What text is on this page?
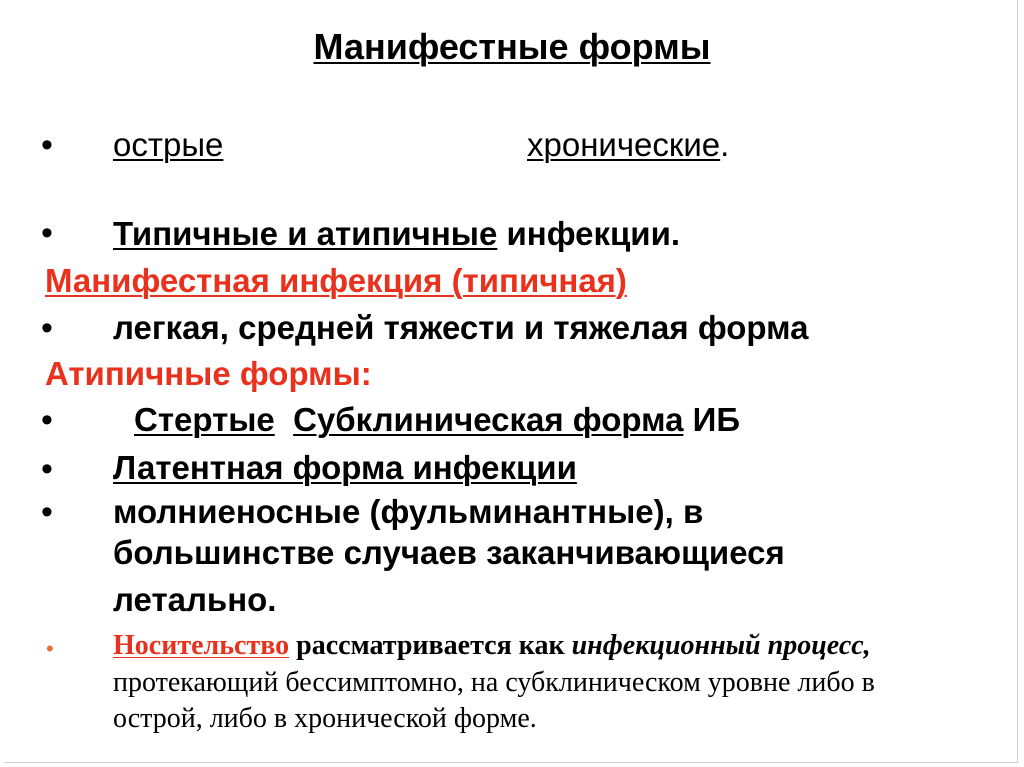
Манифестные формы
• острые	хронические.
• Типичные и атипичные инфекции.
Манифестная инфекция (типичная)
• легкая, средней тяжести и тяжелая форма
Атипичные формы:
• Стертые Субклиническая форма ИБ
• Латентная форма инфекции
• молниеносные (фульминантные), в
большинстве случаев заканчивающиеся
летально.
• Носительство рассматривается как инфекционный процесс,
протекающий бессимптомно, на субклиническом уровне либо в
острой, либо в хронической форме.
